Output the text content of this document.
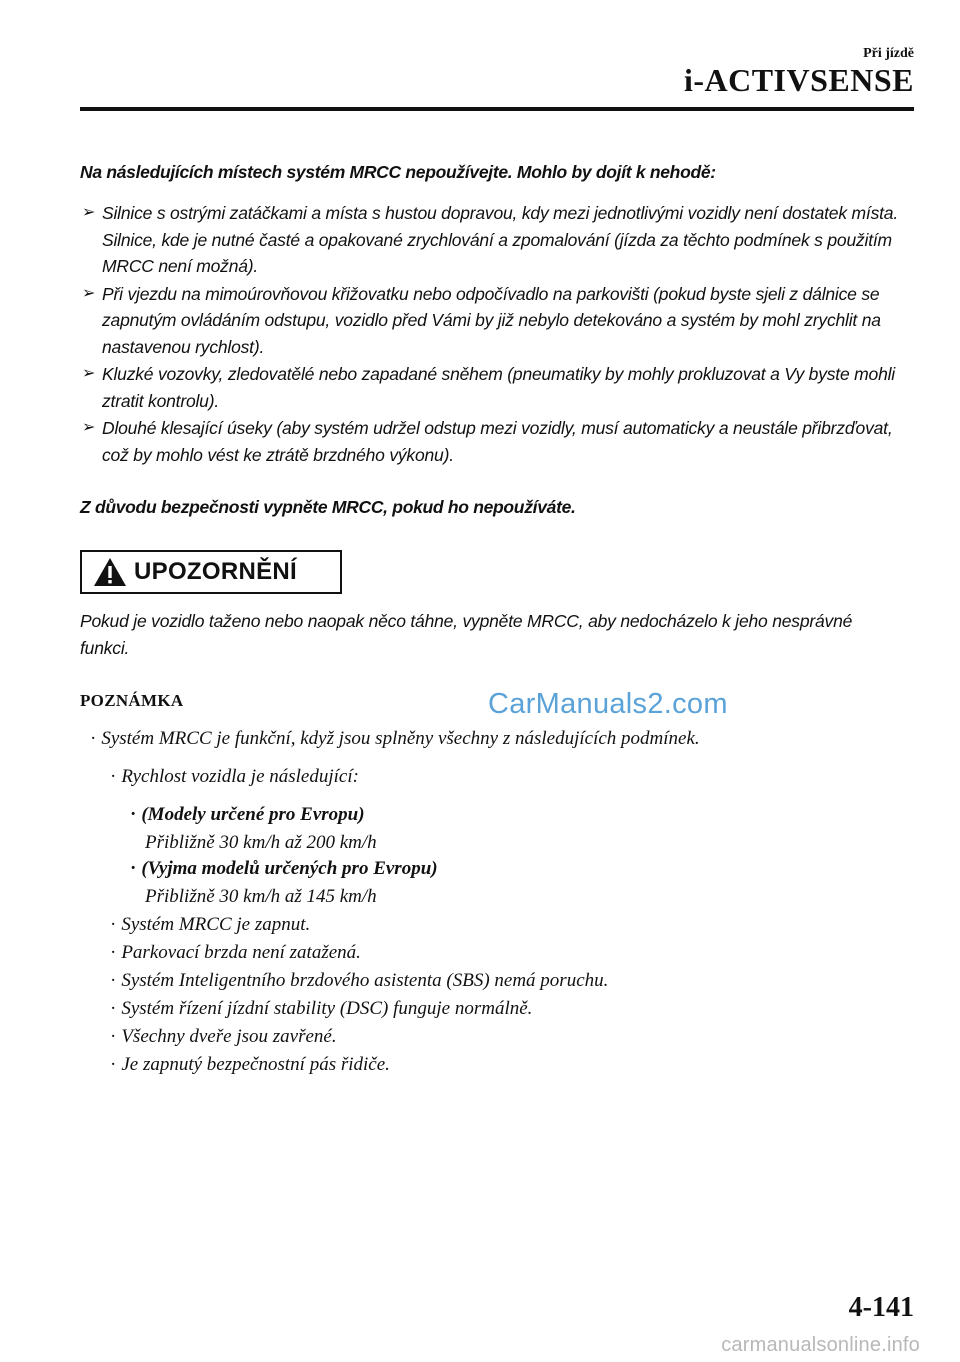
Při jízdě
i-ACTIVSENSE
Na následujících místech systém MRCC nepoužívejte. Mohlo by dojít k nehodě:
➢ Silnice s ostrými zatáčkami a místa s hustou dopravou, kdy mezi jednotlivými vozidly není dostatek místa. Silnice, kde je nutné časté a opakované zrychlování a zpomalování (jízda za těchto podmínek s použitím MRCC není možná).
➢ Při vjezdu na mimoúrovňovou křižovatku nebo odpočívadlo na parkovišti (pokud byste sjeli z dálnice se zapnutým ovládáním odstupu, vozidlo před Vámi by již nebylo detekováno a systém by mohl zrychlit na nastavenou rychlost).
➢ Kluzké vozovky, zledovatělé nebo zapadané sněhem (pneumatiky by mohly prokluzovat a Vy byste mohli ztratit kontrolu).
➢ Dlouhé klesající úseky (aby systém udržel odstup mezi vozidly, musí automaticky a neustále přibrzďovat, což by mohlo vést ke ztrátě brzdného výkonu).
Z důvodu bezpečnosti vypněte MRCC, pokud ho nepoužíváte.
UPOZORNĚNÍ
Pokud je vozidlo taženo nebo naopak něco táhne, vypněte MRCC, aby nedocházelo k jeho nesprávné funkci.
POZNÁMKA	CarManuals2.com
· Systém MRCC je funkční, když jsou splněny všechny z následujících podmínek.
· Rychlost vozidla je následující:
· (Modely určené pro Evropu)
Přibližně 30 km/h až 200 km/h
· (Vyjma modelů určených pro Evropu)
Přibližně 30 km/h až 145 km/h
· Systém MRCC je zapnut.
· Parkovací brzda není zatažená.
· Systém Inteligentního brzdového asistenta (SBS) nemá poruchu.
· Systém řízení jízdní stability (DSC) funguje normálně.
· Všechny dveře jsou zavřené.
· Je zapnutý bezpečnostní pás řidiče.
4-141
carmanualsonline.info
